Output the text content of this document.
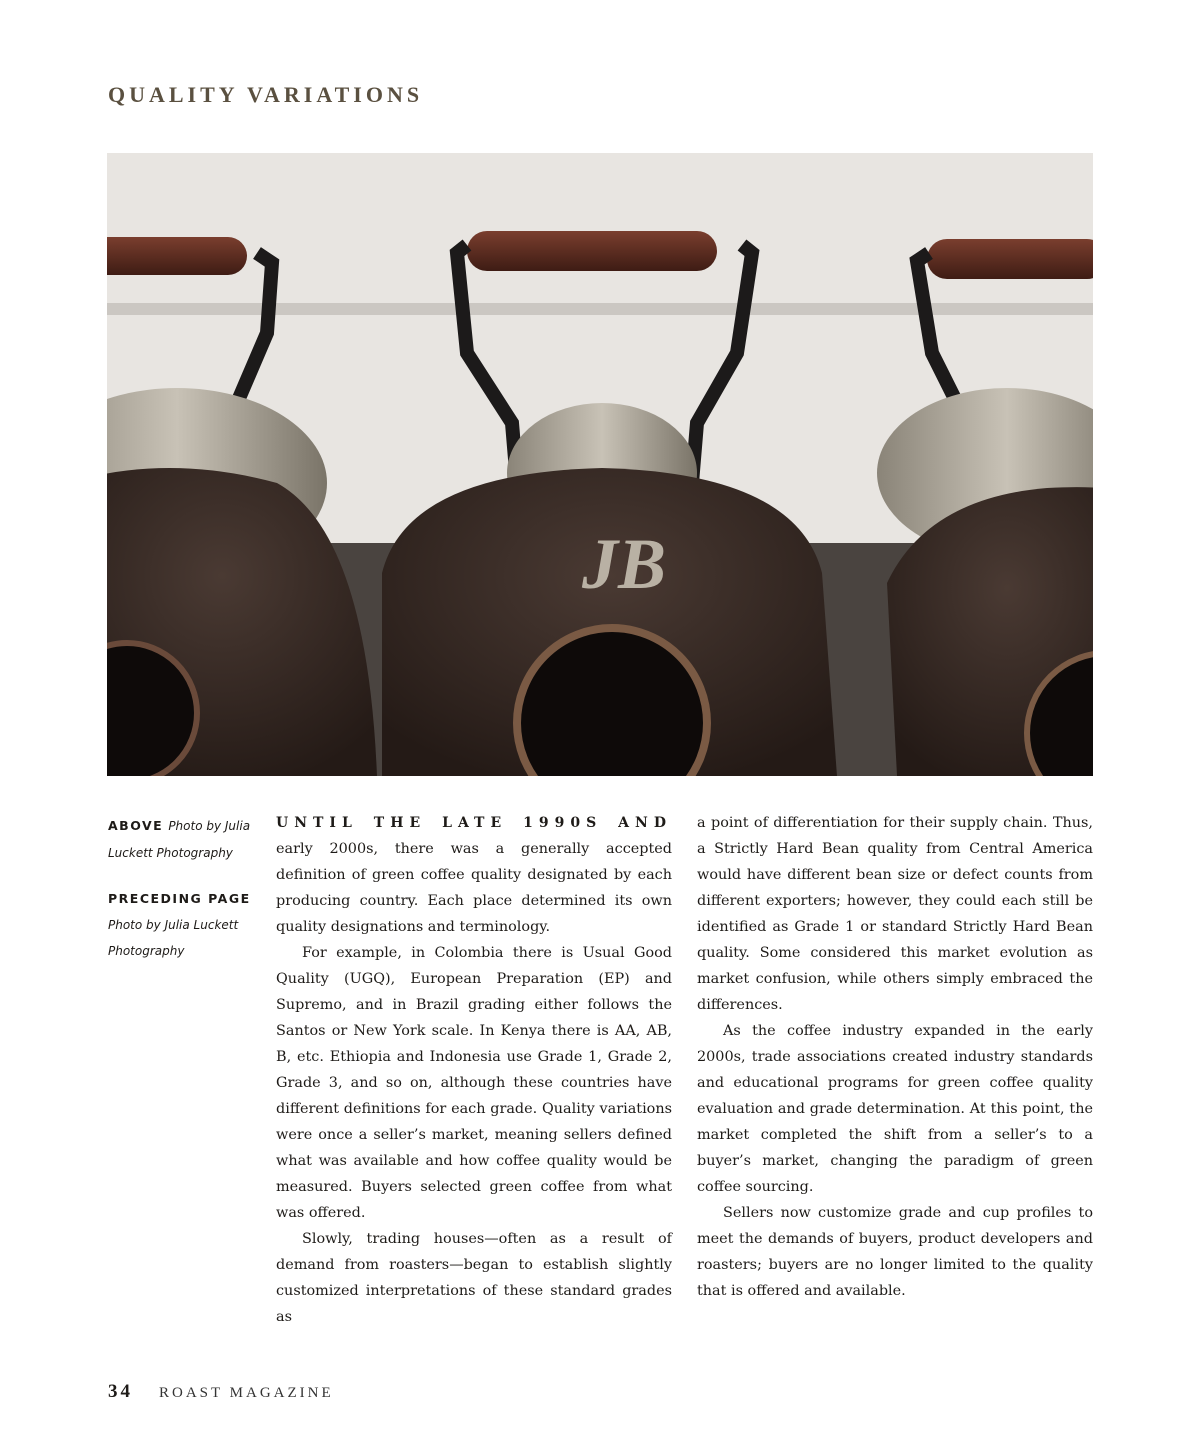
QUALITY VARIATIONS
JB
ABOVE Photo by Julia Luckett Photography
PRECEDING PAGE
Photo by Julia Luckett Photography

UNTIL THE LATE 1990S AND early 2000s, there was a generally accepted definition of green coffee quality designated by each producing country. Each place determined its own quality designations and terminology.

For example, in Colombia there is Usual Good Quality (UGQ), European Preparation (EP) and Supremo, and in Brazil grading either follows the Santos or New York scale. In Kenya there is AA, AB, B, etc. Ethiopia and Indonesia use Grade 1, Grade 2, Grade 3, and so on, although these countries have different definitions for each grade. Quality variations were once a seller’s market, meaning sellers defined what was available and how coffee quality would be measured. Buyers selected green coffee from what was offered.

Slowly, trading houses—often as a result of demand from roasters—began to establish slightly customized interpretations of these standard grades as

a point of differentiation for their supply chain. Thus, a Strictly Hard Bean quality from Central America would have different bean size or defect counts from different exporters; however, they could each still be identified as Grade 1 or standard Strictly Hard Bean quality. Some considered this market evolution as market confusion, while others simply embraced the differences.

As the coffee industry expanded in the early 2000s, trade associations created industry standards and educational programs for green coffee quality evaluation and grade determination. At this point, the market completed the shift from a seller’s to a buyer’s market, changing the paradigm of green coffee sourcing.

Sellers now customize grade and cup profiles to meet the demands of buyers, product developers and roasters; buyers are no longer limited to the quality that is offered and available.

34 ROAST MAGAZINE
